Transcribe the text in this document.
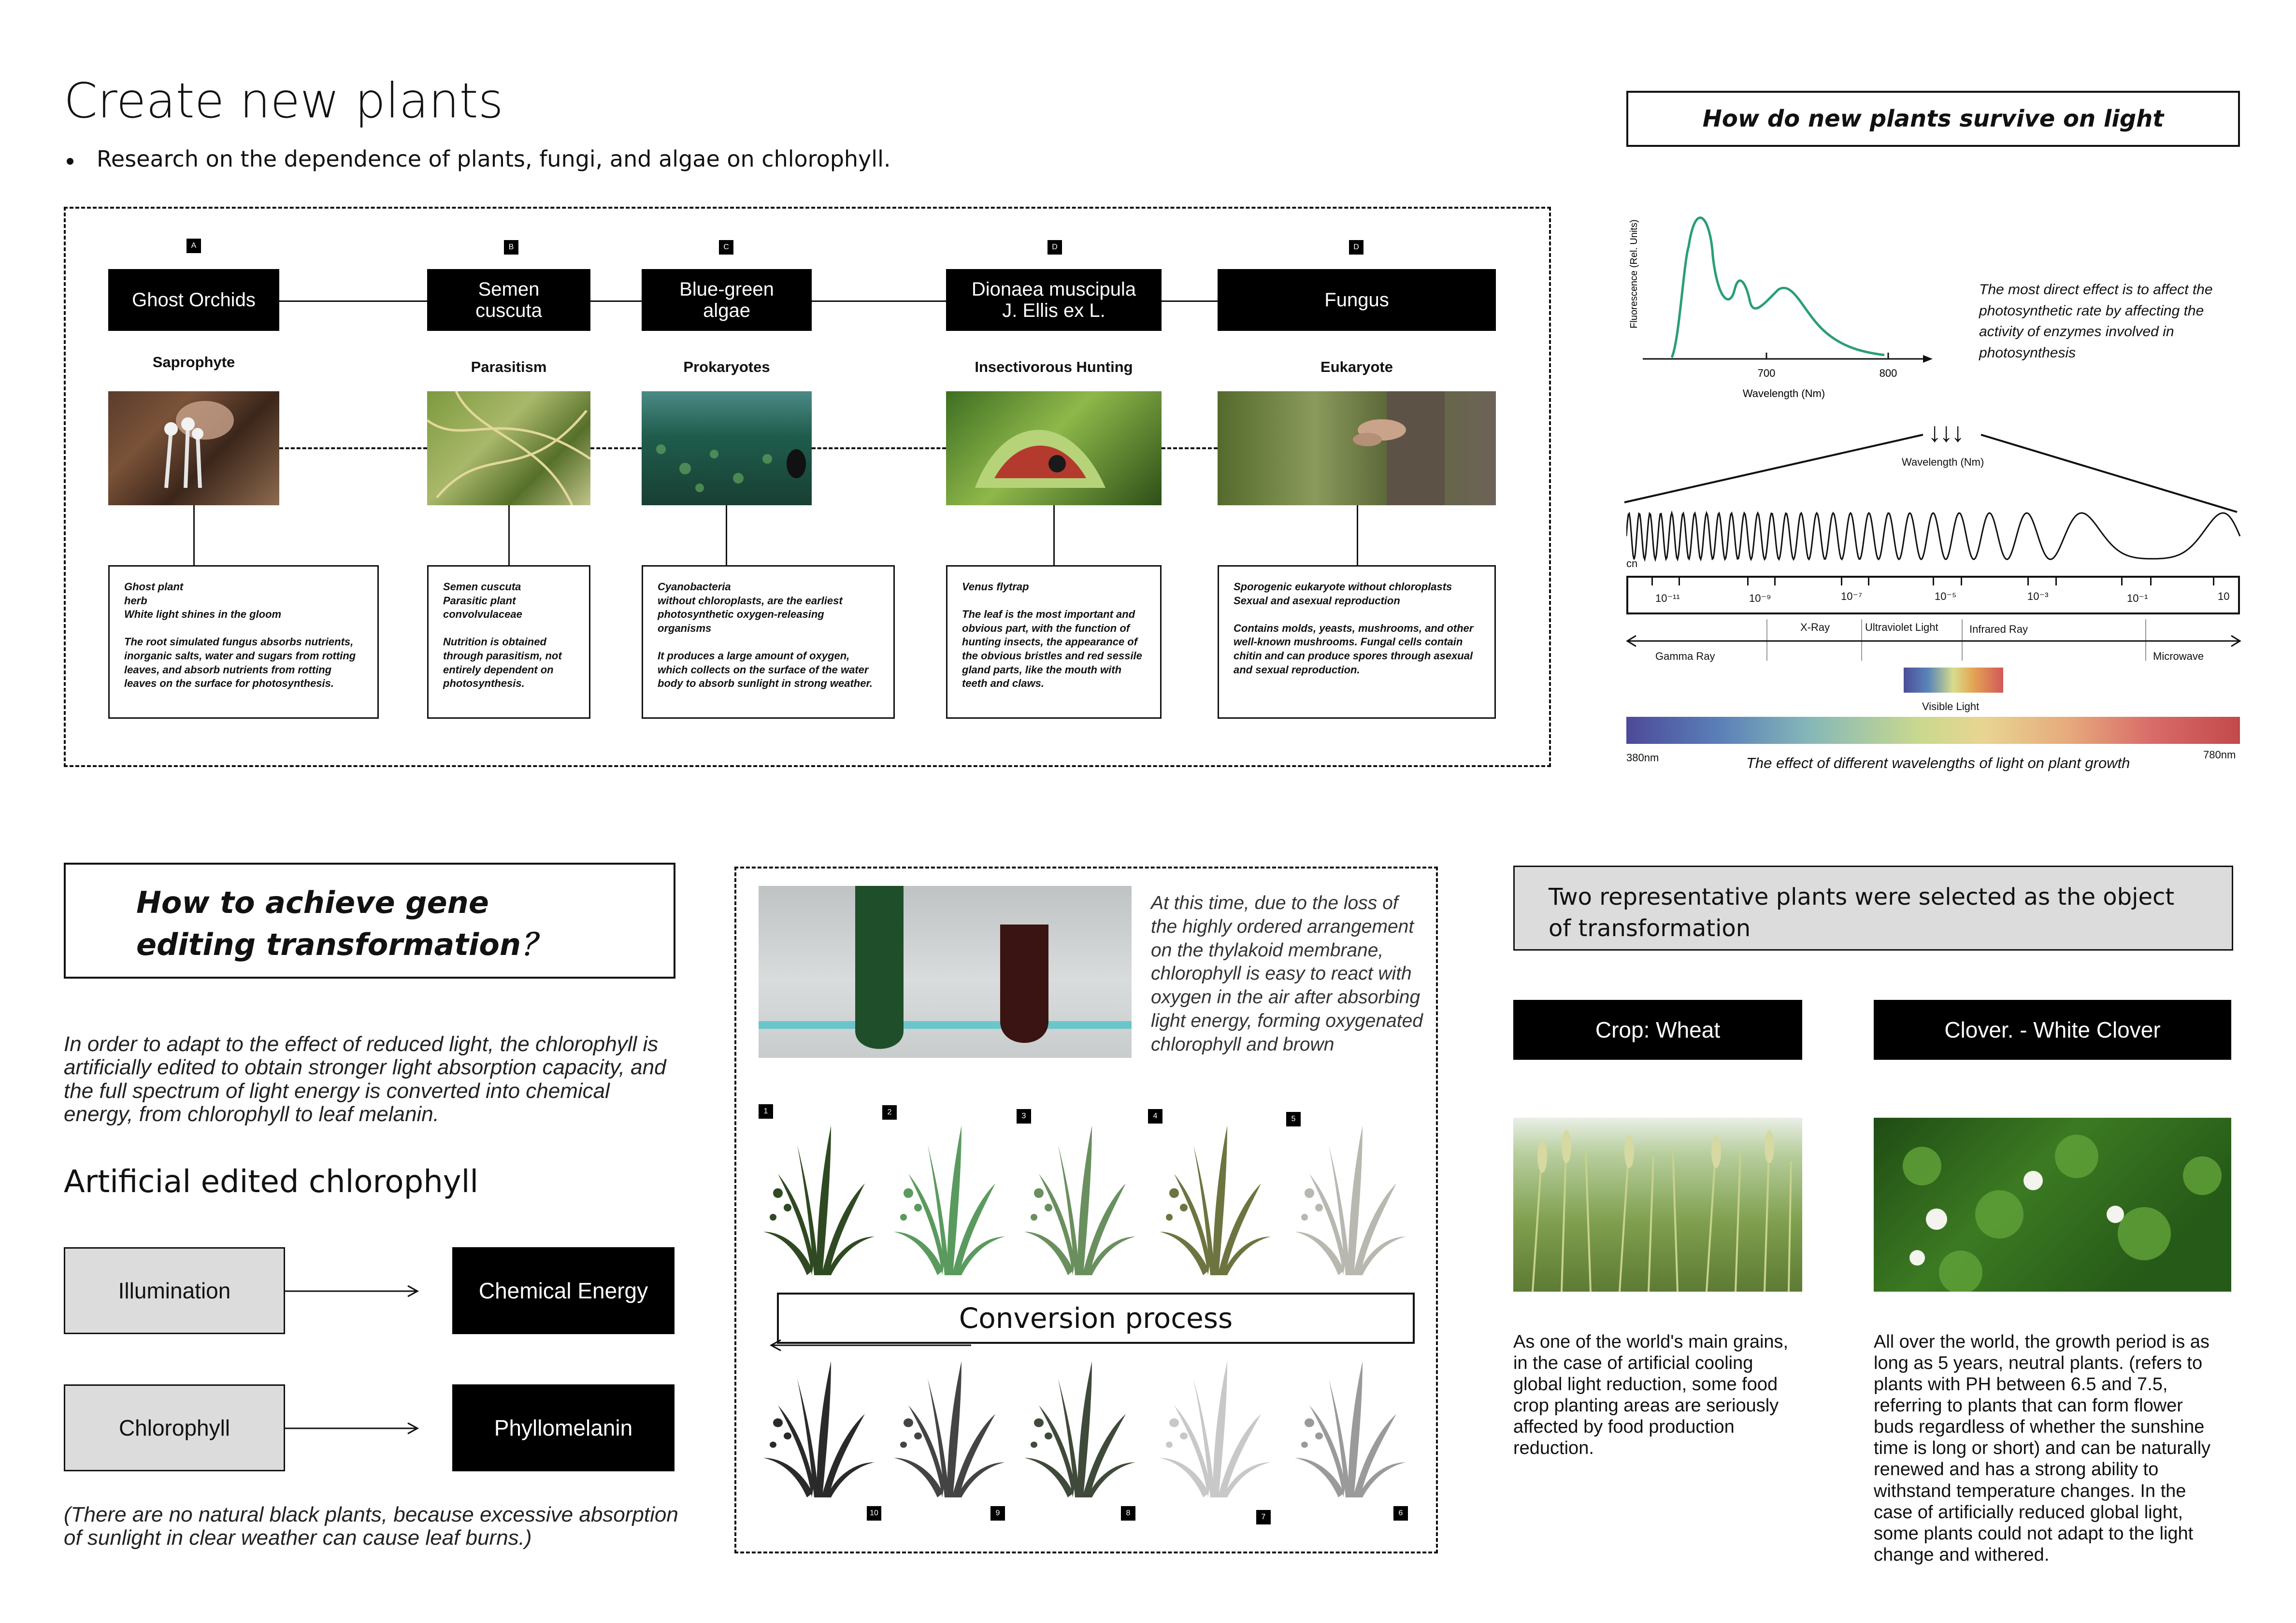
Create new plants
Research on the dependence of plants, fungi, and algae on chlorophyll.
A
Ghost Orchids
Saprophyte
Ghost plant
herb
White light shines in the gloom

The root simulated fungus absorbs nutrients, inorganic salts, water and sugars from rotting leaves, and absorb nutrients from rotting leaves on the surface for photosynthesis.
B
Semen
cuscuta
Parasitism
Semen cuscuta
Parasitic plant
convolvulaceae

Nutrition is obtained through parasitism, not entirely dependent on photosynthesis.
C
Blue-green
algae
Prokaryotes
Cyanobacteria
without chloroplasts, are the earliest photosynthetic oxygen-releasing organisms

It produces a large amount of oxygen, which collects on the surface of the water body to absorb sunlight in strong weather.
D
Dionaea muscipula
J. Ellis ex L.
Insectivorous Hunting
Venus flytrap

The leaf is the most important and obvious part, with the function of hunting insects, the appearance of the obvious bristles and red sessile gland parts, like the mouth with teeth and claws.
D
Fungus
Eukaryote
Sporogenic eukaryote without chloroplasts
Sexual and asexual reproduction

Contains molds, yeasts, mushrooms, and other well-known mushrooms. Fungal cells contain chitin and can produce spores through asexual and sexual reproduction.
How do new plants survive on light
700	800
Wavelength (Nm)
Fluorescence (Rel. Units)	The most direct effect is to affect the photosynthetic rate by affecting the activity of enzymes involved in photosynthesis
↓↓↓
Wavelength (Nm)
cn
10⁻¹¹	10⁻⁹	10⁻⁷	10⁻⁵	10⁻³	10⁻¹	10
X-Ray	Ultraviolet Light	Infrared Ray
Gamma Ray	Microwave
Visible Light
380nm	780nm
The effect of different wavelengths of light on plant growth
How to achieve gene editing transformation？
In order to adapt to the effect of reduced light, the chlorophyll is artificially edited to obtain stronger light absorption capacity, and the full spectrum of light energy is converted into chemical energy, from chlorophyll to leaf melanin.
Artificial edited chlorophyll
Illumination	Chemical Energy
Chlorophyll	Phyllomelanin
(There are no natural black plants, because excessive absorption of sunlight in clear weather can cause leaf burns.)
At this time, due to the loss of the highly ordered arrangement on the thylakoid membrane, chlorophyll is easy to react with oxygen in the air after absorbing light energy, forming oxygenated chlorophyll and brown
1	2	3	4	5
Conversion process
10	9	8	7	6
Two representative plants were selected as the object of transformation
Crop: Wheat	Clover. - White Clover
As one of the world's main grains, in the case of artificial cooling global light reduction, some food crop planting areas are seriously affected by food production reduction.
All over the world, the growth period is as long as 5 years, neutral plants. (refers to plants with PH between 6.5 and 7.5, referring to plants that can form flower buds regardless of whether the sunshine time is long or short) and can be naturally renewed and has a strong ability to withstand temperature changes. In the case of artificially reduced global light, some plants could not adapt to the light change and withered.
